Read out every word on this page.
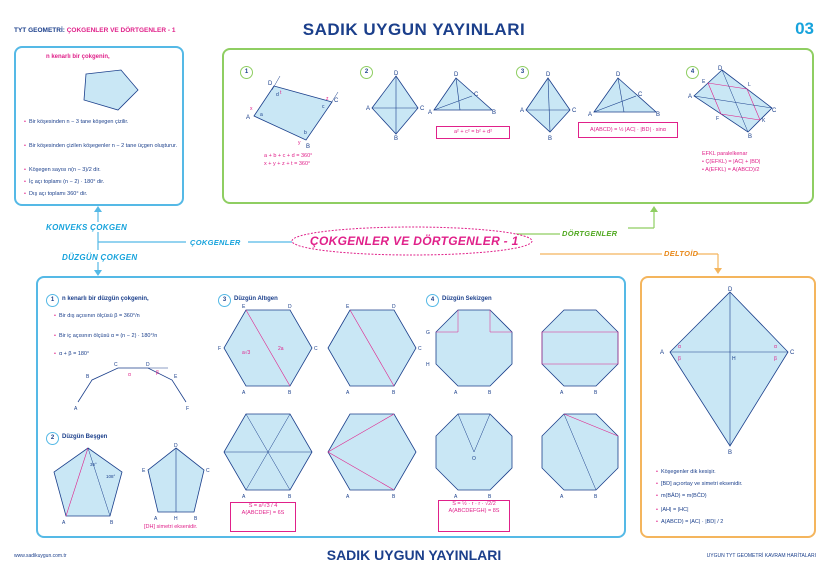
TYT GEOMETRİ: ÇOKGENLER VE DÖRTGENLER - 1	SADIK UYGUN YAYINLARI	03
n kenarlı bir çokgenin,
• Bir köşesinden n − 3 tane köşegen çizilir.
• Bir köşesinden çizilen köşegenler n − 2 tane üçgen oluşturur.
• Köşegen sayısı n(n − 3)/2 dir.
• İç açı toplamı (n − 2) · 180° dir.
• Dış açı toplamı 360° dir.
1
D
C
B
A
t
z
y
x
d
c
b
a
a + b + c + d = 360°
x + y + z + t = 360°
2	D
A	C
B
D
A	B
C
a² + c² = b² + d²
3	D
A	C
B
D
A	B
C
A(ABCD) = ½ |AC| · |BD| · sinα
4	D
A
C
B
E	L
K
F
EFKL paralelkenar
• Ç(EFKL) = |AC| + |BD|
• A(EFKL) = A(ABCD)/2
KONVEKS ÇOKGEN
ÇOKGENLER
DÜZGÜN ÇOKGEN
ÇOKGENLER VE DÖRTGENLER - 1
DÖRTGENLER
DELTOİD
1	n kenarlı bir düzgün çokgenin,
• Bir dış açısının ölçüsü β = 360°/n
• Bir iç açısının ölçüsü α = (n − 2) · 180°/n
• α + β = 180°
A
B
C	D
E
F
α	β
2	Düzgün Beşgen
A	B
36°
108°
D
E	C
A	H	B
[DH] simetri eksenidir.
3	Düzgün Altıgen
E	D
C
F
A	B
2a
a√3
E	D
C
A	B
A	B	A	B
S = a²√3 / 4
A(ABCDEF) = 6S
4	Düzgün Sekizgen
H
G
A	B	A	B
O
A	B	A	B
S = ½ · r · r · √2/2
A(ABCDEFGH) = 8S
D
A	C
B
H
α
β
α
β
• Köşegenler dik kesişir.
• [BD] açıortay ve simetri eksenidir.
• m(BÂD) = m(BĈD)
• |AH| = |HC|
• A(ABCD) = |AC| · |BD| / 2
www.sadikuygun.com.tr	SADIK UYGUN YAYINLARI	UYGUN TYT GEOMETRİ KAVRAM HARİTALARI
